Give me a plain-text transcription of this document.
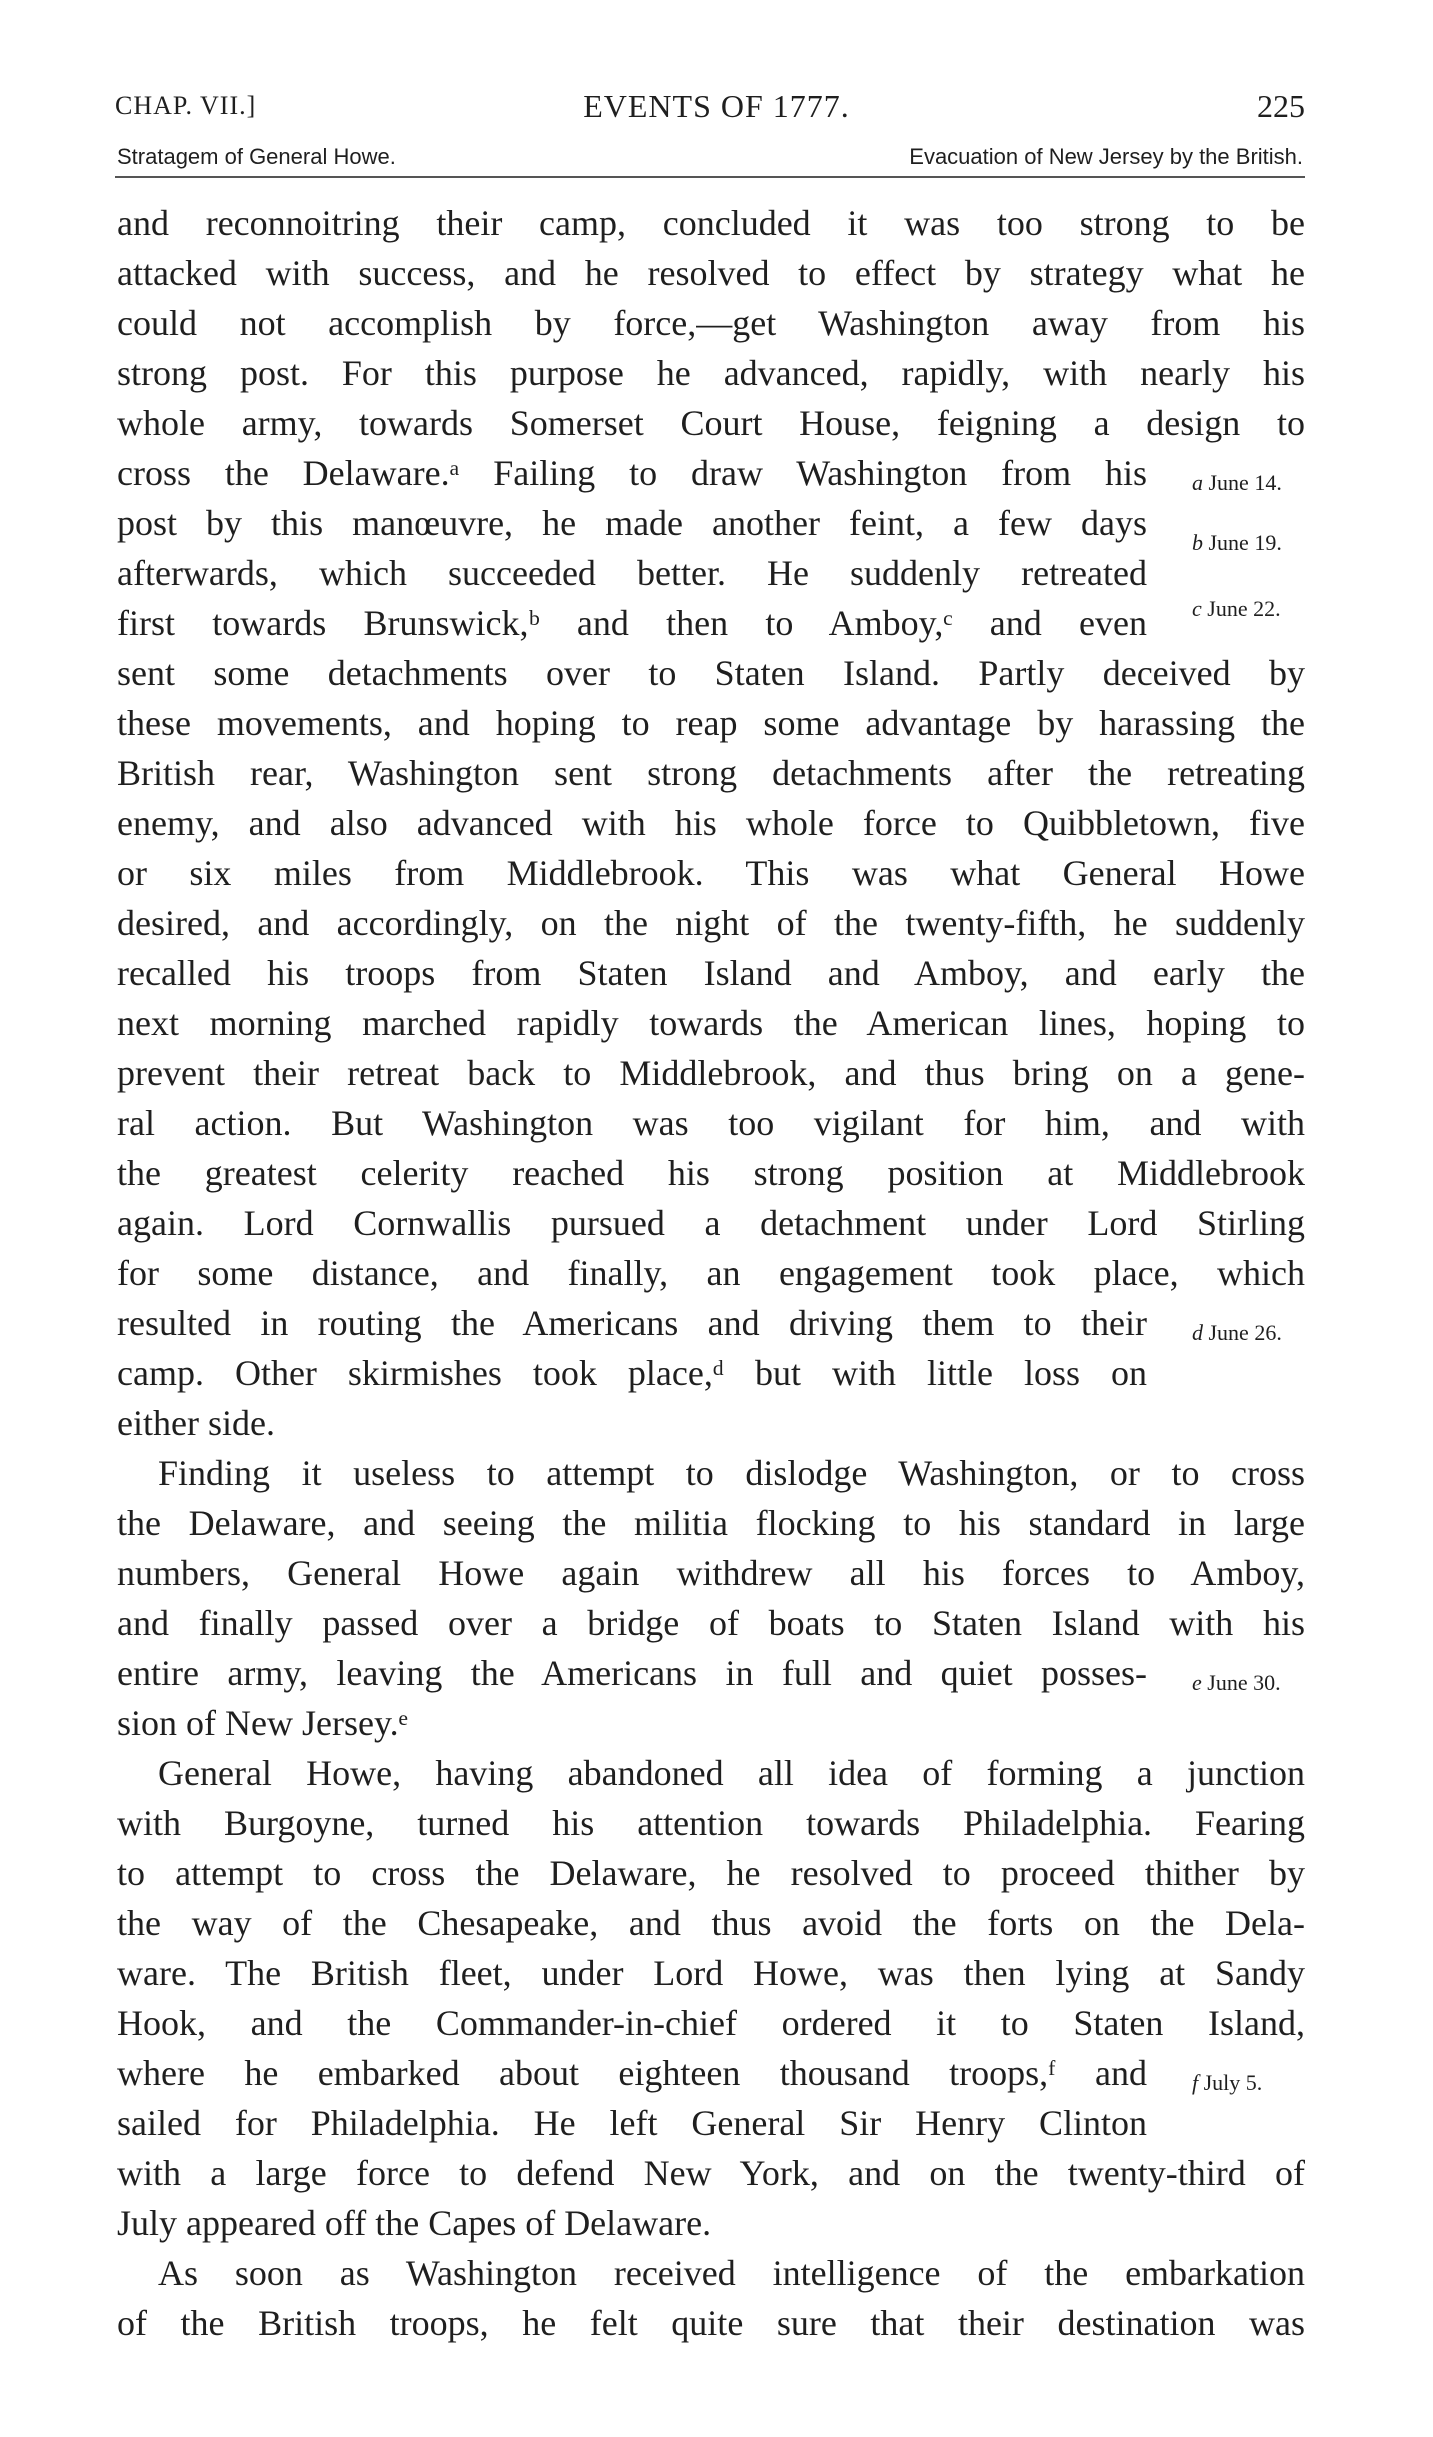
CHAP. VII.]	EVENTS OF 1777.	225
Stratagem of General Howe.	Evacuation of New Jersey by the British.
and reconnoitring their camp, concluded it was too strong to be
attacked with success, and he resolved to effect by strategy what he
could not accomplish by force,—get Washington away from his
strong post. For this purpose he advanced, rapidly, with nearly his
whole army, towards Somerset Court House, feigning a design to
cross the Delaware.ᵃ Failing to draw Washington from his
post by this manœuvre, he made another feint, a few days
afterwards, which succeeded better. He suddenly retreated
first towards Brunswick,ᵇ and then to Amboy,ᶜ and even
sent some detachments over to Staten Island. Partly deceived by
these movements, and hoping to reap some advantage by harassing the
British rear, Washington sent strong detachments after the retreating
enemy, and also advanced with his whole force to Quibbletown, five
or six miles from Middlebrook. This was what General Howe
desired, and accordingly, on the night of the twenty-fifth, he suddenly
recalled his troops from Staten Island and Amboy, and early the
next morning marched rapidly towards the American lines, hoping to
prevent their retreat back to Middlebrook, and thus bring on a gene-
ral action. But Washington was too vigilant for him, and with
the greatest celerity reached his strong position at Middlebrook
again. Lord Cornwallis pursued a detachment under Lord Stirling
for some distance, and finally, an engagement took place, which
resulted in routing the Americans and driving them to their
camp. Other skirmishes took place,ᵈ but with little loss on
either side.
Finding it useless to attempt to dislodge Washington, or to cross
the Delaware, and seeing the militia flocking to his standard in large
numbers, General Howe again withdrew all his forces to Amboy,
and finally passed over a bridge of boats to Staten Island with his
entire army, leaving the Americans in full and quiet posses-
sion of New Jersey.ᵉ
General Howe, having abandoned all idea of forming a junction
with Burgoyne, turned his attention towards Philadelphia. Fearing
to attempt to cross the Delaware, he resolved to proceed thither by
the way of the Chesapeake, and thus avoid the forts on the Dela-
ware. The British fleet, under Lord Howe, was then lying at Sandy
Hook, and the Commander-in-chief ordered it to Staten Island,
where he embarked about eighteen thousand troops,ᶠ and
sailed for Philadelphia. He left General Sir Henry Clinton
with a large force to defend New York, and on the twenty-third of
July appeared off the Capes of Delaware.
As soon as Washington received intelligence of the embarkation
of the British troops, he felt quite sure that their destination was
a June 14.
b June 19.
c June 22.
d June 26.
e June 30.
f July 5.
